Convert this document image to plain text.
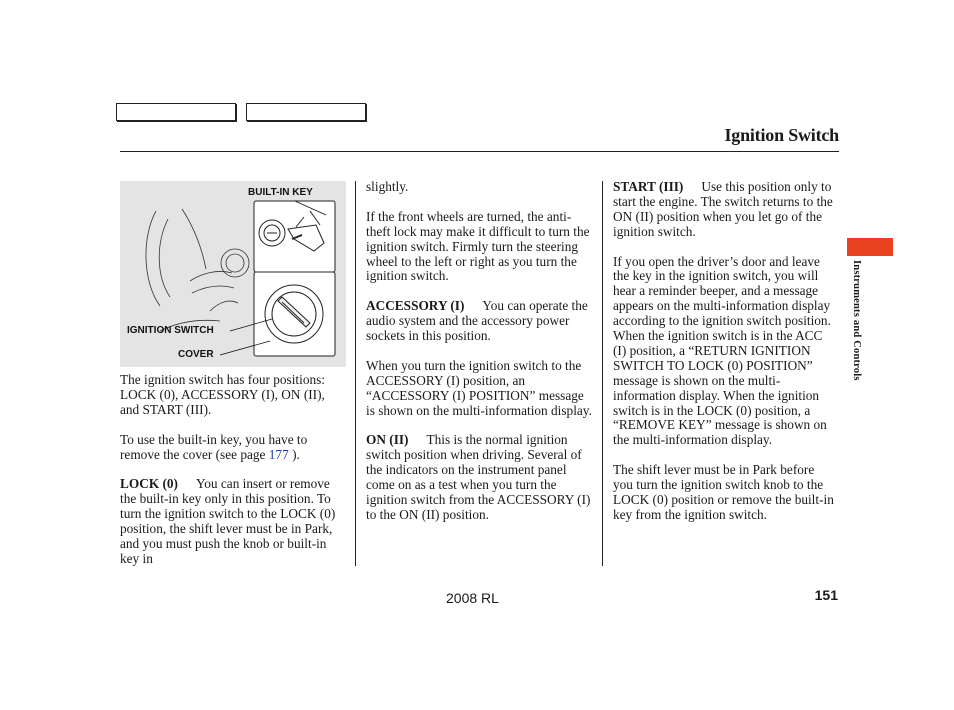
Ignition Switch
BUILT-IN KEY
IGNITION SWITCH
COVER

The ignition switch has four positions: LOCK (0), ACCESSORY (I), ON (II), and START (III).

To use the built-in key, you have to remove the cover (see page 177 ).

LOCK (0) You can insert or remove the built-in key only in this position. To turn the ignition switch to the LOCK (0) position, the shift lever must be in Park, and you must push the knob or built-in key in

slightly.

If the front wheels are turned, the anti-theft lock may make it difficult to turn the ignition switch. Firmly turn the steering wheel to the left or right as you turn the ignition switch.

ACCESSORY (I) You can operate the audio system and the accessory power sockets in this position.

When you turn the ignition switch to the ACCESSORY (I) position, an “ACCESSORY (I) POSITION” message is shown on the multi-information display.

ON (II) This is the normal ignition switch position when driving. Several of the indicators on the instrument panel come on as a test when you turn the ignition switch from the ACCESSORY (I) to the ON (II) position.

START (III) Use this position only to start the engine. The switch returns to the ON (II) position when you let go of the ignition switch.

If you open the driver’s door and leave the key in the ignition switch, you will hear a reminder beeper, and a message appears on the multi-information display according to the ignition switch position. When the ignition switch is in the ACC (I) position, a “RETURN IGNITION SWITCH TO LOCK (0) POSITION” message is shown on the multi-information display. When the ignition switch is in the LOCK (0) position, a “REMOVE KEY” message is shown on the multi-information display.

The shift lever must be in Park before you turn the ignition switch knob to the LOCK (0) position or remove the built-in key from the ignition switch.

Instruments and Controls
2008 RL	151
